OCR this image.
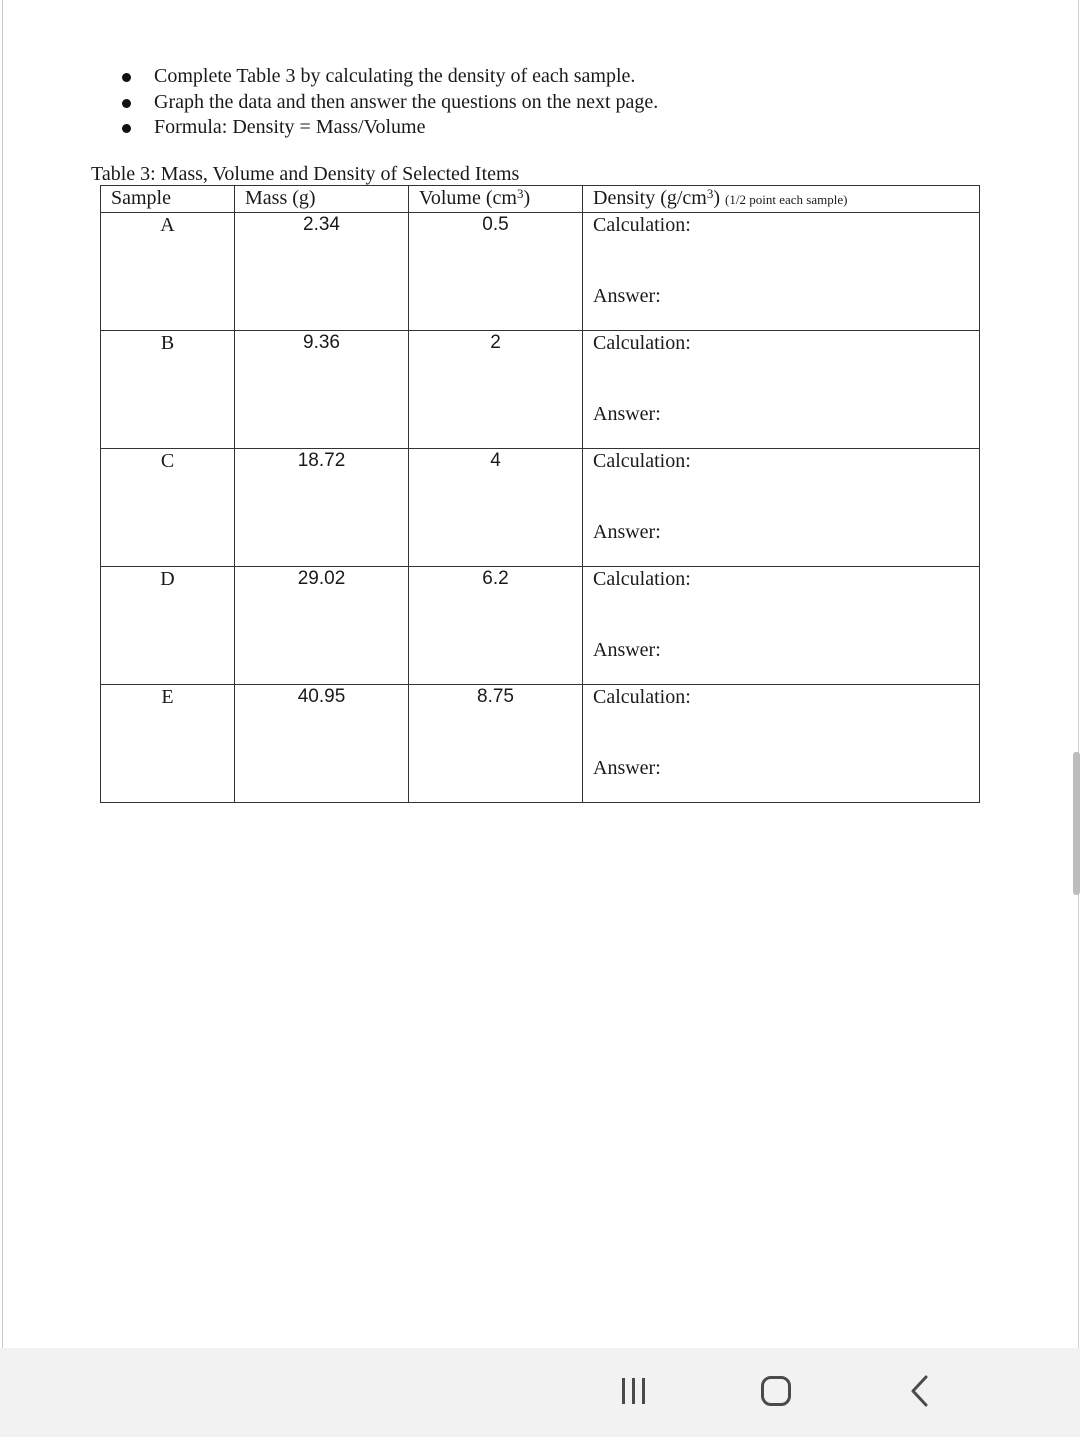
Complete Table 3 by calculating the density of each sample.
Graph the data and then answer the questions on the next page.
Formula: Density = Mass/Volume
Table 3: Mass, Volume and Density of Selected Items
Sample	Mass (g)	Volume $(cm^3)$	Density $(g/cm^3)$ (1/2 point each sample)
A	2.34	0.5	Calculation:
Answer:

B	9.36	2	Calculation:
Answer:

C	18.72	4	Calculation:
Answer:

D	29.02	6.2	Calculation:
Answer:

E	40.95	8.75	Calculation:
Answer:
